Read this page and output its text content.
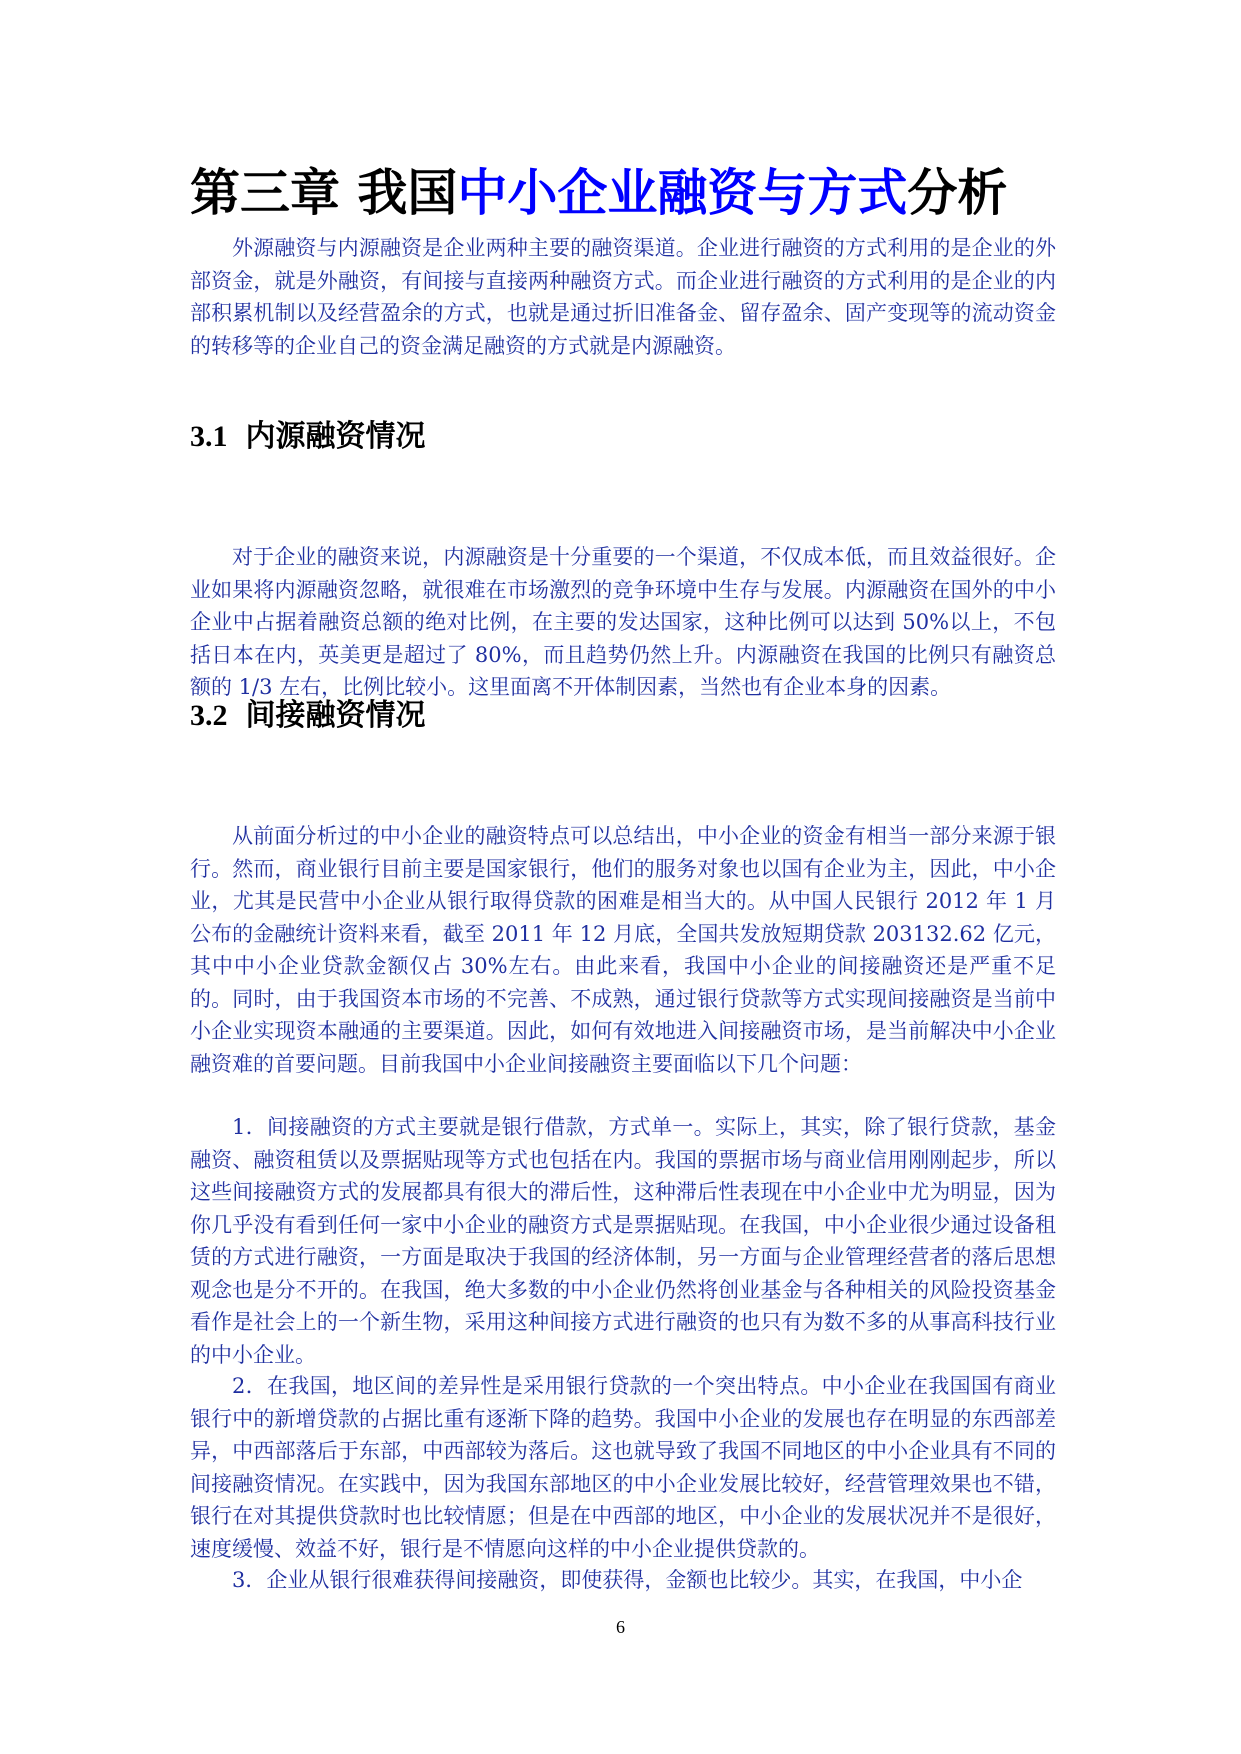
第三章 我国中小企业融资与方式分析

外源融资与内源融资是企业两种主要的融资渠道。企业进行融资的方式利用的是企业的外部资金，就是外融资，有间接与直接两种融资方式。而企业进行融资的方式利用的是企业的内部积累机制以及经营盈余的方式，也就是通过折旧准备金、留存盈余、固产变现等的流动资金的转移等的企业自己的资金满足融资的方式就是内源融资。

3.1 内源融资情况

对于企业的融资来说，内源融资是十分重要的一个渠道，不仅成本低，而且效益很好。企业如果将内源融资忽略，就很难在市场激烈的竞争环境中生存与发展。内源融资在国外的中小企业中占据着融资总额的绝对比例，在主要的发达国家，这种比例可以达到 50%以上，不包括日本在内，英美更是超过了 80%，而且趋势仍然上升。内源融资在我国的比例只有融资总额的 1/3 左右，比例比较小。这里面离不开体制因素，当然也有企业本身的因素。

3.2 间接融资情况

从前面分析过的中小企业的融资特点可以总结出，中小企业的资金有相当一部分来源于银行。然而，商业银行目前主要是国家银行，他们的服务对象也以国有企业为主，因此，中小企业，尤其是民营中小企业从银行取得贷款的困难是相当大的。从中国人民银行 2012 年 1 月公布的金融统计资料来看，截至 2011 年 12 月底，全国共发放短期贷款 203132.62 亿元，其中中小企业贷款金额仅占 30%左右。由此来看，我国中小企业的间接融资还是严重不足的。同时，由于我国资本市场的不完善、不成熟，通过银行贷款等方式实现间接融资是当前中小企业实现资本融通的主要渠道。因此，如何有效地进入间接融资市场，是当前解决中小企业融资难的首要问题。目前我国中小企业间接融资主要面临以下几个问题：

1．间接融资的方式主要就是银行借款，方式单一。实际上，其实，除了银行贷款，基金融资、融资租赁以及票据贴现等方式也包括在内。我国的票据市场与商业信用刚刚起步，所以这些间接融资方式的发展都具有很大的滞后性，这种滞后性表现在中小企业中尤为明显，因为你几乎没有看到任何一家中小企业的融资方式是票据贴现。在我国，中小企业很少通过设备租赁的方式进行融资，一方面是取决于我国的经济体制，另一方面与企业管理经营者的落后思想观念也是分不开的。在我国，绝大多数的中小企业仍然将创业基金与各种相关的风险投资基金看作是社会上的一个新生物，采用这种间接方式进行融资的也只有为数不多的从事高科技行业的中小企业。

2．在我国，地区间的差异性是采用银行贷款的一个突出特点。中小企业在我国国有商业银行中的新增贷款的占据比重有逐渐下降的趋势。我国中小企业的发展也存在明显的东西部差异，中西部落后于东部，中西部较为落后。这也就导致了我国不同地区的中小企业具有不同的间接融资情况。在实践中，因为我国东部地区的中小企业发展比较好，经营管理效果也不错，银行在对其提供贷款时也比较情愿；但是在中西部的地区，中小企业的发展状况并不是很好，速度缓慢、效益不好，银行是不情愿向这样的中小企业提供贷款的。

3．企业从银行很难获得间接融资，即使获得，金额也比较少。其实，在我国，中小企

6
